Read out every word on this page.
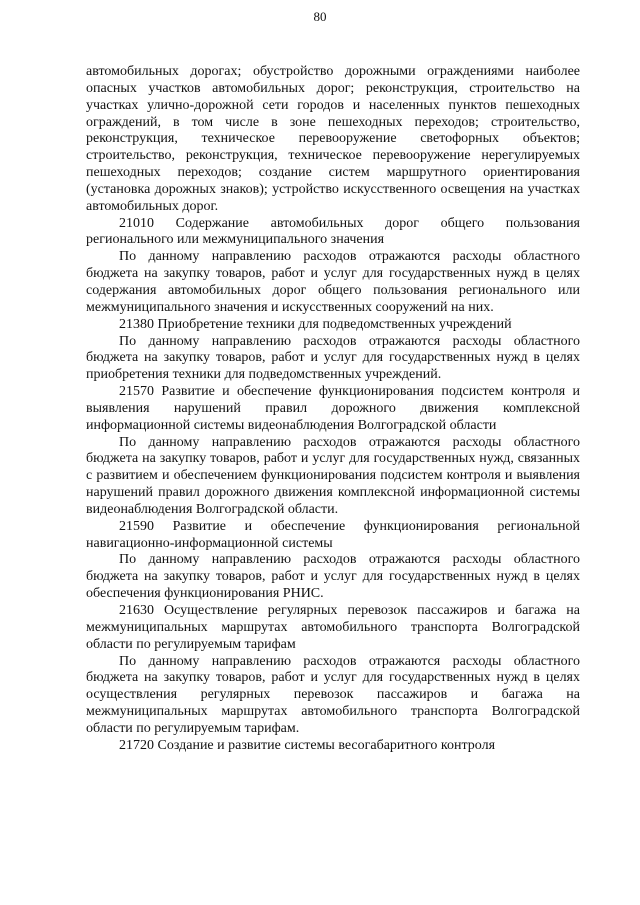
80

автомобильных дорогах; обустройство дорожными ограждениями наиболее опасных участков автомобильных дорог; реконструкция, строительство на участках улично-дорожной сети городов и населенных пунктов пешеходных ограждений, в том числе в зоне пешеходных переходов; строительство, реконструкция, техническое перевооружение светофорных объектов; строительство, реконструкция, техническое перевооружение нерегулируемых пешеходных переходов; создание систем маршрутного ориентирования (установка дорожных знаков); устройство искусственного освещения на участках автомобильных дорог.

21010 Содержание автомобильных дорог общего пользования регионального или межмуниципального значения

По данному направлению расходов отражаются расходы областного бюджета на закупку товаров, работ и услуг для государственных нужд в целях содержания автомобильных дорог общего пользования регионального или межмуниципального значения и искусственных сооружений на них.

21380 Приобретение техники для подведомственных учреждений

По данному направлению расходов отражаются расходы областного бюджета на закупку товаров, работ и услуг для государственных нужд в целях приобретения техники для подведомственных учреждений.

21570 Развитие и обеспечение функционирования подсистем контроля и выявления нарушений правил дорожного движения комплексной информационной системы видеонаблюдения Волгоградской области

По данному направлению расходов отражаются расходы областного бюджета на закупку товаров, работ и услуг для государственных нужд, связанных с развитием и обеспечением функционирования подсистем контроля и выявления нарушений правил дорожного движения комплексной информационной системы видеонаблюдения Волгоградской области.

21590 Развитие и обеспечение функционирования региональной навигационно-информационной системы

По данному направлению расходов отражаются расходы областного бюджета на закупку товаров, работ и услуг для государственных нужд в целях обеспечения функционирования РНИС.

21630 Осуществление регулярных перевозок пассажиров и багажа на межмуниципальных маршрутах автомобильного транспорта Волгоградской области по регулируемым тарифам

По данному направлению расходов отражаются расходы областного бюджета на закупку товаров, работ и услуг для государственных нужд в целях осуществления регулярных перевозок пассажиров и багажа на межмуниципальных маршрутах автомобильного транспорта Волгоградской области по регулируемым тарифам.

21720 Создание и развитие системы весогабаритного контроля
